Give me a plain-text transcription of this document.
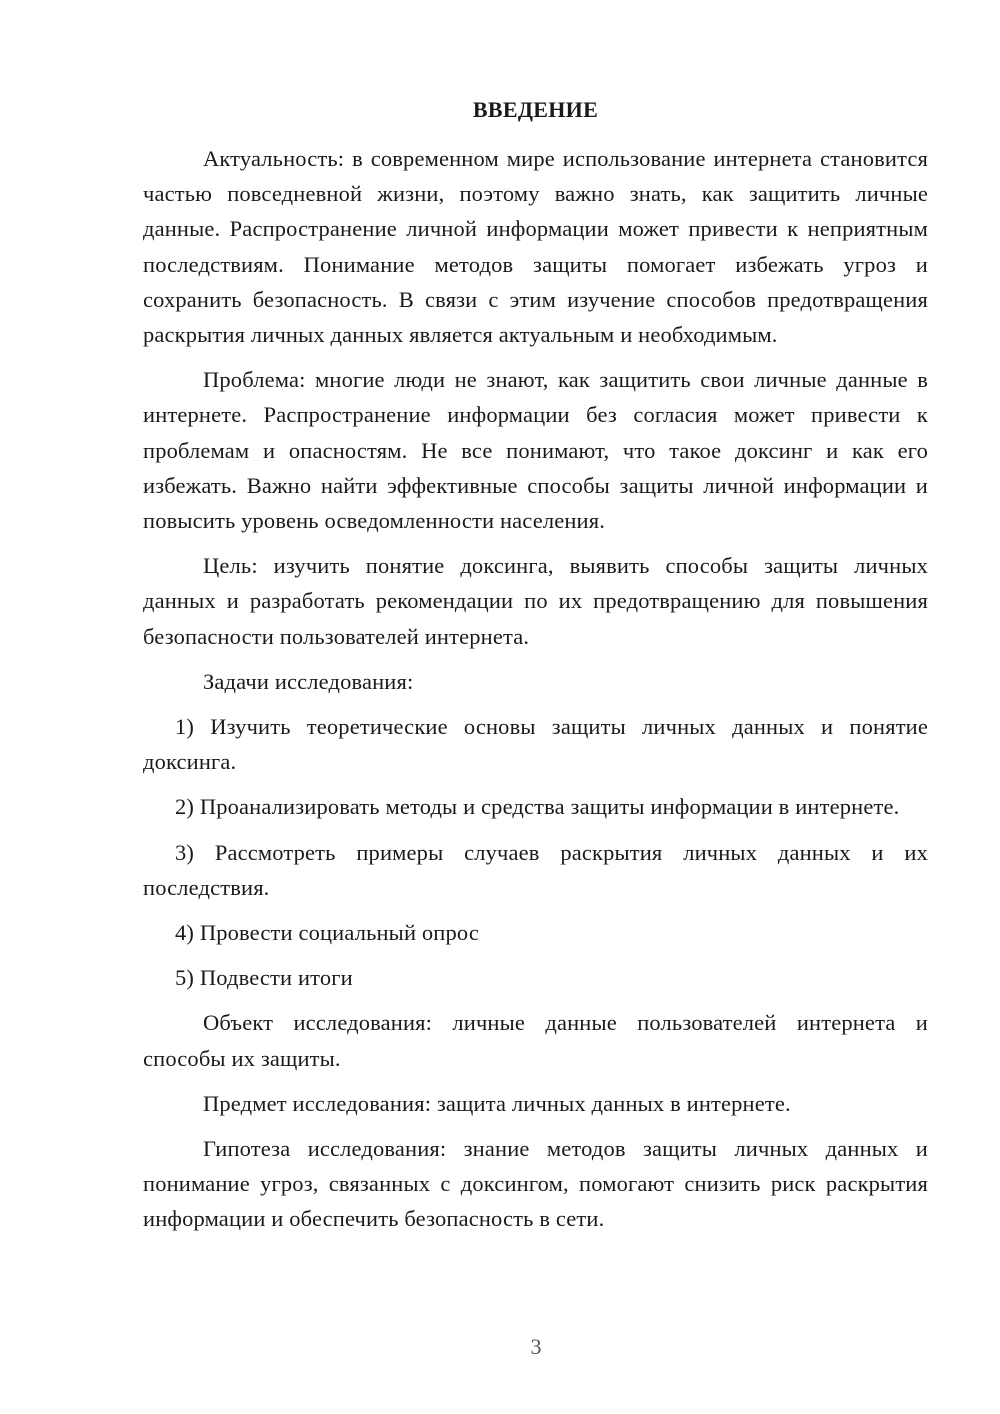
ВВЕДЕНИЕ

Актуальность: в современном мире использование интернета становится частью повседневной жизни, поэтому важно знать, как защитить личные данные. Распространение личной информации может привести к неприятным последствиям. Понимание методов защиты помогает избежать угроз и сохранить безопасность. В связи с этим изучение способов предотвращения раскрытия личных данных является актуальным и необходимым.

Проблема: многие люди не знают, как защитить свои личные данные в интернете. Распространение информации без согласия может привести к проблемам и опасностям. Не все понимают, что такое доксинг и как его избежать. Важно найти эффективные способы защиты личной информации и повысить уровень осведомленности населения.

Цель: изучить понятие доксинга, выявить способы защиты личных данных и разработать рекомендации по их предотвращению для повышения безопасности пользователей интернета.

Задачи исследования:

1) Изучить теоретические основы защиты личных данных и понятие доксинга.

2) Проанализировать методы и средства защиты информации в интернете.

3) Рассмотреть примеры случаев раскрытия личных данных и их последствия.

4) Провести социальный опрос

5) Подвести итоги

Объект исследования: личные данные пользователей интернета и способы их защиты.

Предмет исследования: защита личных данных в интернете.

Гипотеза исследования: знание методов защиты личных данных и понимание угроз, связанных с доксингом, помогают снизить риск раскрытия информации и обеспечить безопасность в сети.

3
